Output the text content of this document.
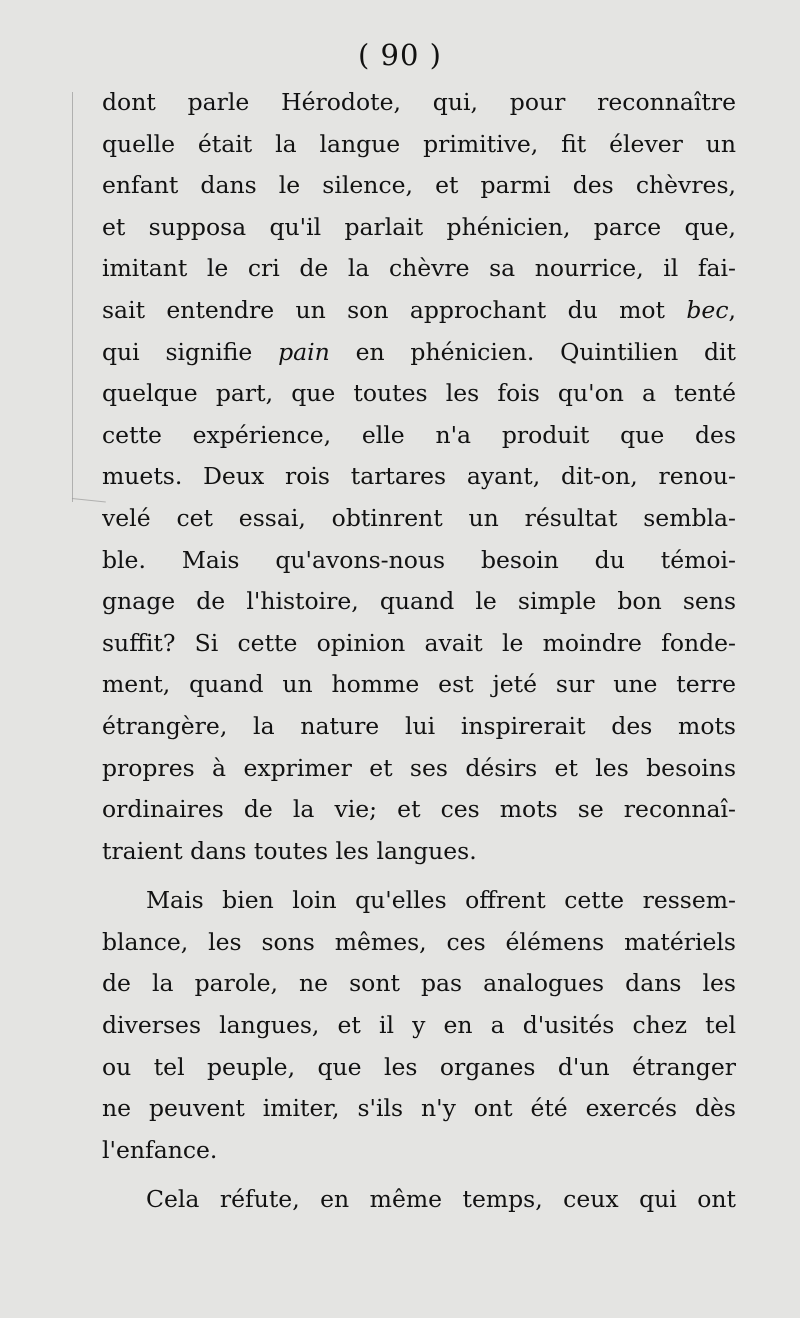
( 90 )

dont parle Hérodote, qui, pour reconnaître
quelle était la langue primitive, fit élever un
enfant dans le silence, et parmi des chèvres,
et supposa qu'il parlait phénicien, parce que,
imitant le cri de la chèvre sa nourrice, il fai-
sait entendre un son approchant du mot bec,
qui signifie pain en phénicien. Quintilien dit
quelque part, que toutes les fois qu'on a tenté
cette expérience, elle n'a produit que des
muets. Deux rois tartares ayant, dit-on, renou-
velé cet essai, obtinrent un résultat sembla-
ble. Mais qu'avons-nous besoin du témoi-
gnage de l'histoire, quand le simple bon sens
suffit? Si cette opinion avait le moindre fonde-
ment, quand un homme est jeté sur une terre
étrangère, la nature lui inspirerait des mots
propres à exprimer et ses désirs et les besoins
ordinaires de la vie; et ces mots se reconnaî-
traient dans toutes les langues.

Mais bien loin qu'elles offrent cette ressem-
blance, les sons mêmes, ces élémens matériels
de la parole, ne sont pas analogues dans les
diverses langues, et il y en a d'usités chez tel
ou tel peuple, que les organes d'un étranger
ne peuvent imiter, s'ils n'y ont été exercés dès
l'enfance.

Cela réfute, en même temps, ceux qui ont
